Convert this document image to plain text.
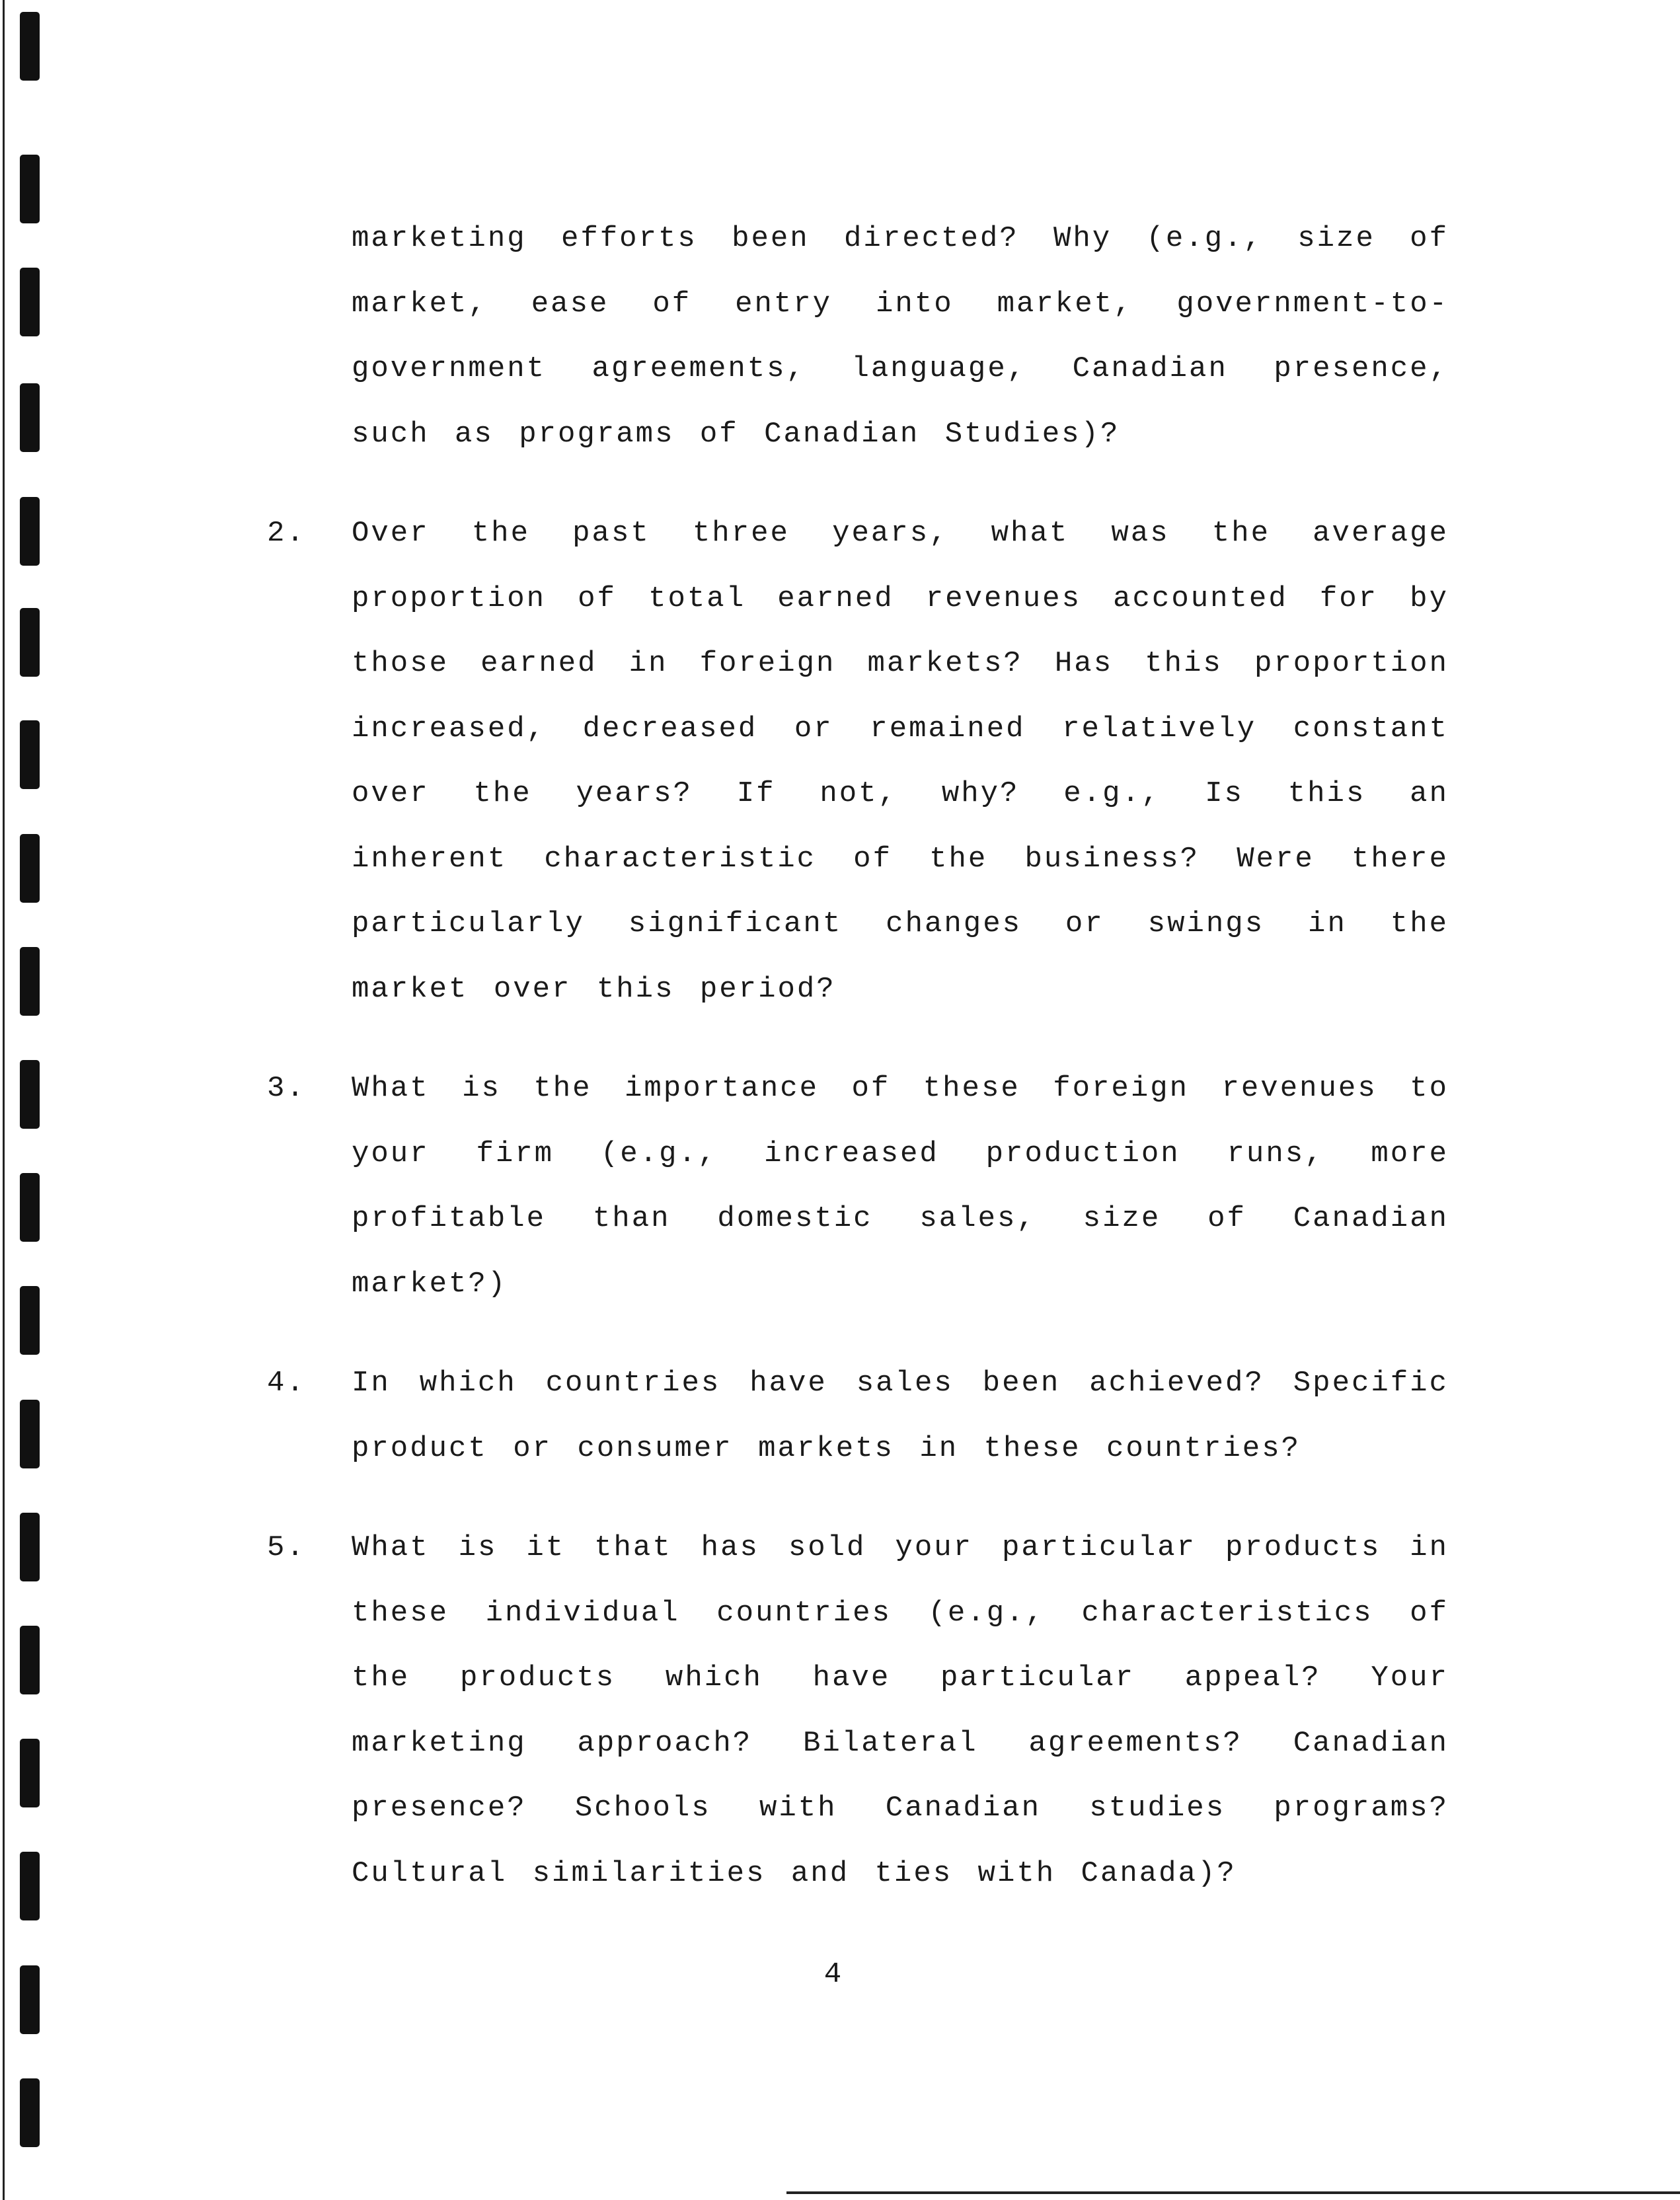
marketing efforts been directed? Why (e.g., size of market, ease of entry into market, government-to-government agreements, language, Canadian presence, such as programs of Canadian Studies)?
2.	Over the past three years, what was the average proportion of total earned revenues accounted for by those earned in foreign markets? Has this proportion increased, decreased or remained relatively constant over the years? If not, why? e.g., Is this an inherent characteristic of the business? Were there particularly significant changes or swings in the market over this period?
3.	What is the importance of these foreign revenues to your firm (e.g., increased production runs, more profitable than domestic sales, size of Canadian market?)
4.	In which countries have sales been achieved? Specific product or consumer markets in these countries?
5.	What is it that has sold your particular products in these individual countries (e.g., characteristics of the products which have particular appeal? Your marketing approach? Bilateral agreements? Canadian presence? Schools with Canadian studies programs? Cultural similarities and ties with Canada)?
4
